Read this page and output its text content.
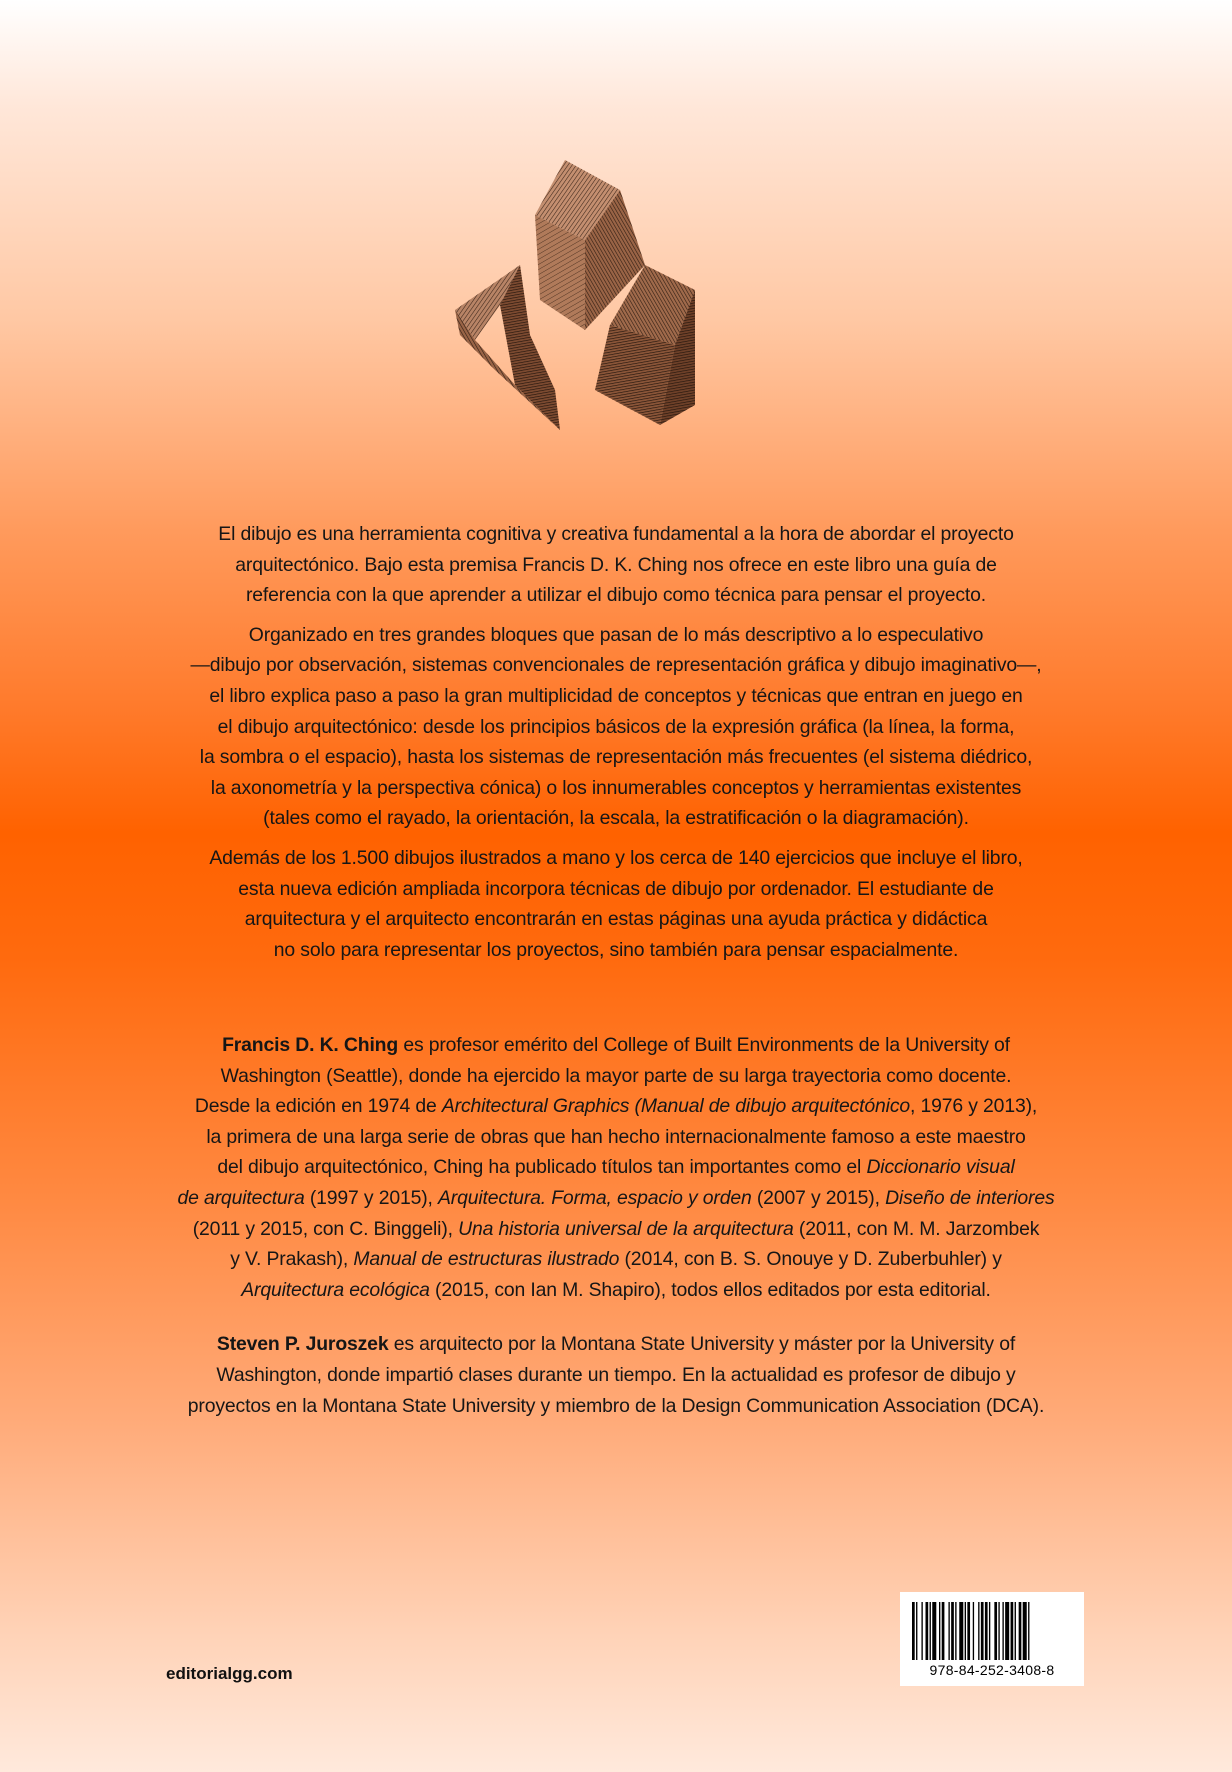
El dibujo es una herramienta cognitiva y creativa fundamental a la hora de abordar el proyecto
arquitectónico. Bajo esta premisa Francis D. K. Ching nos ofrece en este libro una guía de
referencia con la que aprender a utilizar el dibujo como técnica para pensar el proyecto.

Organizado en tres grandes bloques que pasan de lo más descriptivo a lo especulativo
—dibujo por observación, sistemas convencionales de representación gráfica y dibujo imaginativo—,
el libro explica paso a paso la gran multiplicidad de conceptos y técnicas que entran en juego en
el dibujo arquitectónico: desde los principios básicos de la expresión gráfica (la línea, la forma,
la sombra o el espacio), hasta los sistemas de representación más frecuentes (el sistema diédrico,
la axonometría y la perspectiva cónica) o los innumerables conceptos y herramientas existentes
(tales como el rayado, la orientación, la escala, la estratificación o la diagramación).

Además de los 1.500 dibujos ilustrados a mano y los cerca de 140 ejercicios que incluye el libro,
esta nueva edición ampliada incorpora técnicas de dibujo por ordenador. El estudiante de
arquitectura y el arquitecto encontrarán en estas páginas una ayuda práctica y didáctica
no solo para representar los proyectos, sino también para pensar espacialmente.

Francis D. K. Ching es profesor emérito del College of Built Environments de la University of
Washington (Seattle), donde ha ejercido la mayor parte de su larga trayectoria como docente.
Desde la edición en 1974 de Architectural Graphics (Manual de dibujo arquitectónico, 1976 y 2013),
la primera de una larga serie de obras que han hecho internacionalmente famoso a este maestro
del dibujo arquitectónico, Ching ha publicado títulos tan importantes como el Diccionario visual
de arquitectura (1997 y 2015), Arquitectura. Forma, espacio y orden (2007 y 2015), Diseño de interiores
(2011 y 2015, con C. Binggeli), Una historia universal de la arquitectura (2011, con M. M. Jarzombek
y V. Prakash), Manual de estructuras ilustrado (2014, con B. S. Onouye y D. Zuberbuhler) y
Arquitectura ecológica (2015, con Ian M. Shapiro), todos ellos editados por esta editorial.

Steven P. Juroszek es arquitecto por la Montana State University y máster por la University of
Washington, donde impartió clases durante un tiempo. En la actualidad es profesor de dibujo y
proyectos en la Montana State University y miembro de la Design Communication Association (DCA).

editorialgg.com	978-84-252-3408-8
